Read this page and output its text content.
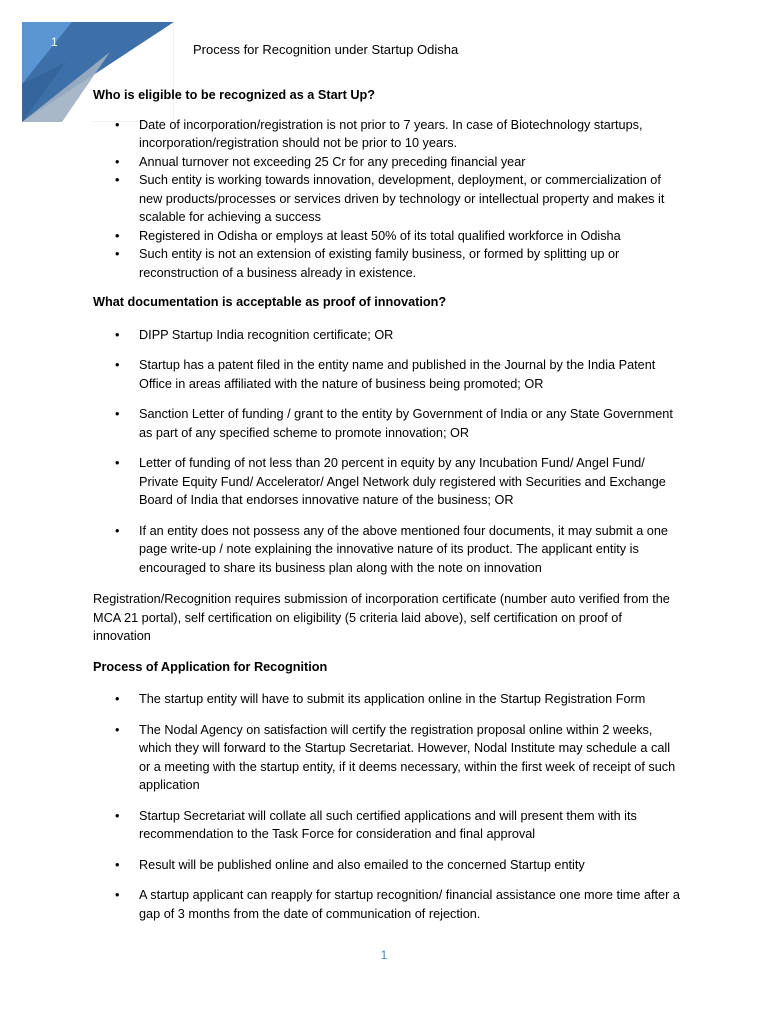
1	Process for Recognition under Startup Odisha

Who is eligible to be recognized as a Start Up?

• Date of incorporation/registration is not prior to 7 years. In case of Biotechnology startups, incorporation/registration should not be prior to 10 years.
• Annual turnover not exceeding 25 Cr for any preceding financial year
• Such entity is working towards innovation, development, deployment, or commercialization of new products/processes or services driven by technology or intellectual property and makes it scalable for achieving a success
• Registered in Odisha or employs at least 50% of its total qualified workforce in Odisha
• Such entity is not an extension of existing family business, or formed by splitting up or reconstruction of a business already in existence.

What documentation is acceptable as proof of innovation?

• DIPP Startup India recognition certificate; OR
• Startup has a patent filed in the entity name and published in the Journal by the India Patent Office in areas affiliated with the nature of business being promoted; OR
• Sanction Letter of funding / grant to the entity by Government of India or any State Government as part of any specified scheme to promote innovation; OR
• Letter of funding of not less than 20 percent in equity by any Incubation Fund/ Angel Fund/ Private Equity Fund/ Accelerator/ Angel Network duly registered with Securities and Exchange Board of India that endorses innovative nature of the business; OR
• If an entity does not possess any of the above mentioned four documents, it may submit a one page write-up / note explaining the innovative nature of its product. The applicant entity is encouraged to share its business plan along with the note on innovation

Registration/Recognition requires submission of incorporation certificate (number auto verified from the MCA 21 portal), self certification on eligibility (5 criteria laid above), self certification on proof of innovation

Process of Application for Recognition

• The startup entity will have to submit its application online in the Startup Registration Form
• The Nodal Agency on satisfaction will certify the registration proposal online within 2 weeks, which they will forward to the Startup Secretariat. However, Nodal Institute may schedule a call or a meeting with the startup entity, if it deems necessary, within the first week of receipt of such application
• Startup Secretariat will collate all such certified applications and will present them with its recommendation to the Task Force for consideration and final approval
• Result will be published online and also emailed to the concerned Startup entity
• A startup applicant can reapply for startup recognition/ financial assistance one more time after a gap of 3 months from the date of communication of rejection.
1
